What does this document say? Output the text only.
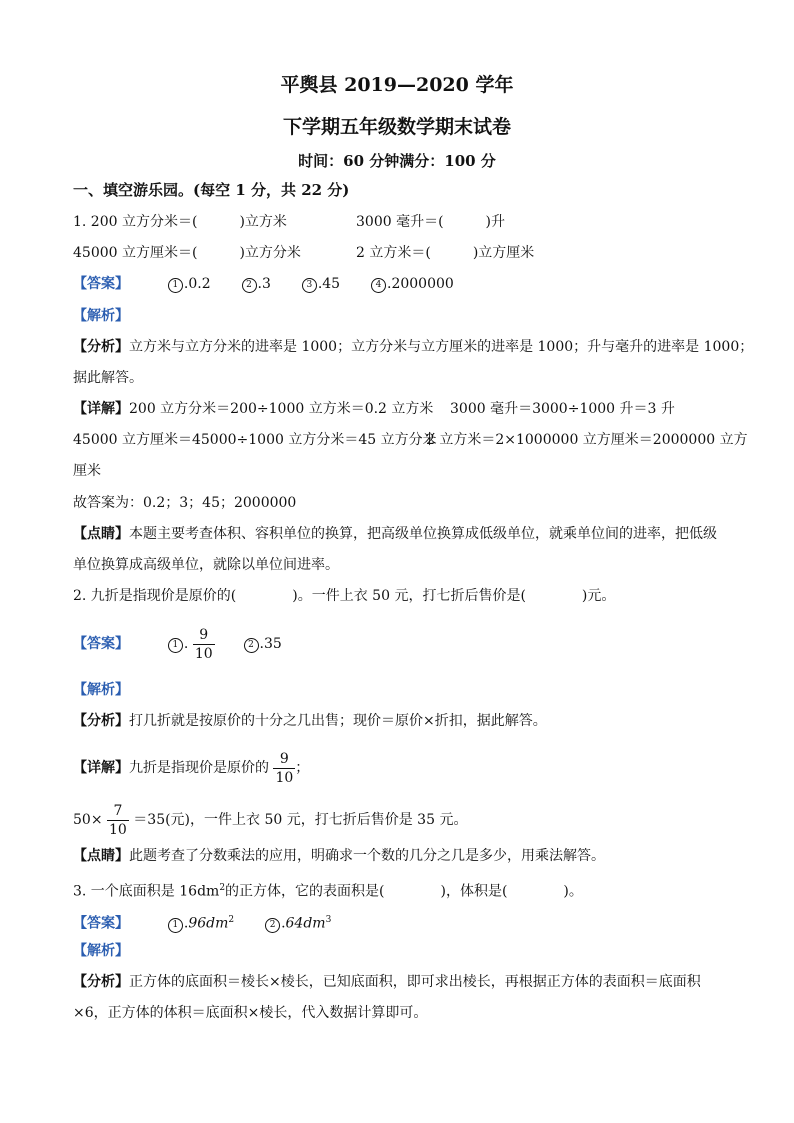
平舆县 2019—2020 学年
下学期五年级数学期末试卷
时间：60 分钟满分：100 分
一、填空游乐园。(每空 1 分，共 22 分)
1. 200 立方分米＝(　　　)立方米	3000 毫升＝(　　　)升
45000 立方厘米＝(　　　)立方分米	2 立方米＝(　　　)立方厘米
【答案】	1 .0.2	2 .3	3 .45	4 .2000000
【解析】
【分析】立方米与立方分米的进率是 1000；立方分米与立方厘米的进率是 1000；升与毫升的进率是 1000；
据此解答。
【详解】200 立方分米＝200÷1000 立方米＝0.2 立方米 3000 毫升＝3000÷1000 升＝3 升
45000 立方厘米＝45000÷1000 立方分米＝45 立方分米
2 立方米＝2×1000000 立方厘米＝2000000 立方
厘米
故答案为：0.2；3；45；2000000
【点睛】本题主要考查体积、容积单位的换算，把高级单位换算成低级单位，就乘单位间的进率，把低级
单位换算成高级单位，就除以单位间进率。
2. 九折是指现价是原价的(　　　　)。一件上衣 50 元，打七折后售价是(　　　　)元。
【答案】	1 . $\frac{9}{10}$	2 .35
【解析】
【分析】打几折就是按原价的十分之几出售；现价＝原价×折扣，据此解答。
【详解】九折是指现价是原价的 $\frac{9}{10}$ ；
$50\times \frac{7}{10} =35$(元)，一件上衣 50 元，打七折后售价是 35 元。
【点睛】此题考查了分数乘法的应用，明确求一个数的几分之几是多少，用乘法解答。
3. 一个底面积是 $16dm^2$的正方体，它的表面积是(　　　　)，体积是(　　　　)。
【答案】	1 $.96dm^2$	2 $.64dm^3$
【解析】
【分析】正方体的底面积＝棱长×棱长，已知底面积，即可求出棱长，再根据正方体的表面积＝底面积
×6，正方体的体积＝底面积×棱长，代入数据计算即可。
